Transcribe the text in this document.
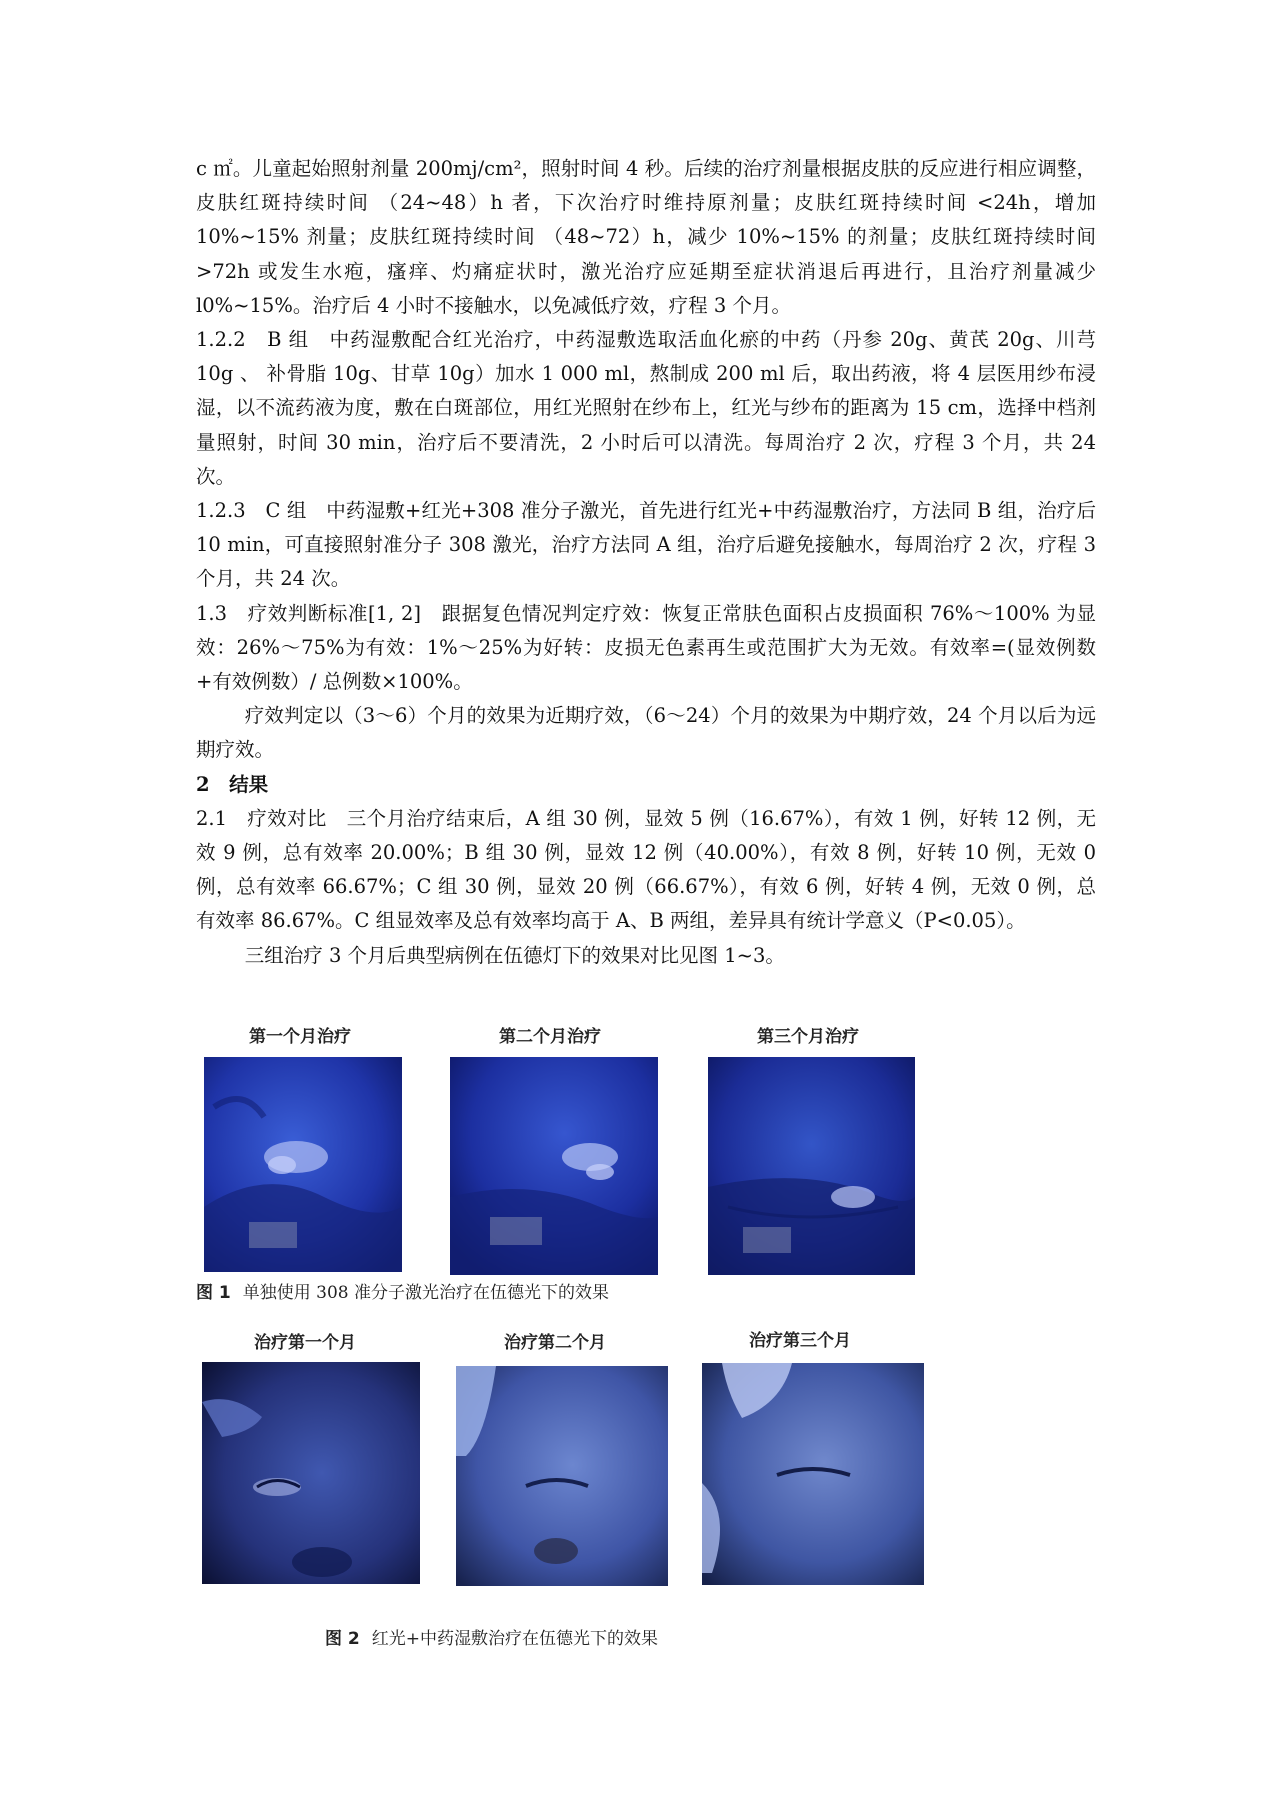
c ㎡。儿童起始照射剂量 200mj/cm²，照射时间 4 秒。后续的治疗剂量根据皮肤的反应进行相应调整，皮肤红斑持续时间 （24~48）h 者，下次治疗时维持原剂量；皮肤红斑持续时间 <24h，增加 10%~15% 剂量；皮肤红斑持续时间 （48~72）h，减少 10%~15% 的剂量；皮肤红斑持续时间 >72h 或发生水疱，瘙痒、灼痛症状时，激光治疗应延期至症状消退后再进行，且治疗剂量减少 l0%~15%。治疗后 4 小时不接触水，以免减低疗效，疗程 3 个月。

1.2.2　B 组　中药湿敷配合红光治疗，中药湿敷选取活血化瘀的中药（丹参 20g、黄芪 20g、川芎 10g 、 补骨脂 10g、甘草 10g）加水 1 000 ml，熬制成 200 ml 后，取出药液，将 4 层医用纱布浸湿，以不流药液为度，敷在白斑部位，用红光照射在纱布上，红光与纱布的距离为 15 cm，选择中档剂量照射，时间 30 min，治疗后不要清洗，2 小时后可以清洗。每周治疗 2 次，疗程 3 个月，共 24 次。

1.2.3　C 组　中药湿敷+红光+308 准分子激光，首先进行红光+中药湿敷治疗，方法同 B 组，治疗后 10 min，可直接照射准分子 308 激光，治疗方法同 A 组，治疗后避免接触水，每周治疗 2 次，疗程 3 个月，共 24 次。

1.3　疗效判断标准[1, 2]　跟据复色情况判定疗效：恢复正常肤色面积占皮损面积 76%～100% 为显效：26%～75%为有效：1%～25%为好转：皮损无色素再生或范围扩大为无效。有效率=(显效例数+有效例数）/ 总例数×100%。

疗效判定以（3～6）个月的效果为近期疗效，（6～24）个月的效果为中期疗效，24 个月以后为远期疗效。

2　结果

2.1　疗效对比　三个月治疗结束后，A 组 30 例，显效 5 例（16.67%），有效 1 例，好转 12 例，无效 9 例，总有效率 20.00%；B 组 30 例，显效 12 例（40.00%），有效 8 例，好转 10 例，无效 0 例，总有效率 66.67%；C 组 30 例，显效 20 例（66.67%），有效 6 例，好转 4 例，无效 0 例，总有效率 86.67%。C 组显效率及总有效率均高于 A、B 两组，差异具有统计学意义（P<0.05）。

三组治疗 3 个月后典型病例在伍德灯下的效果对比见图 1~3。

第一个月治疗	第二个月治疗	第三个月治疗
图 1 单独使用 308 准分子激光治疗在伍德光下的效果
治疗第一个月	治疗第二个月	治疗第三个月
图 2 红光+中药湿敷治疗在伍德光下的效果
